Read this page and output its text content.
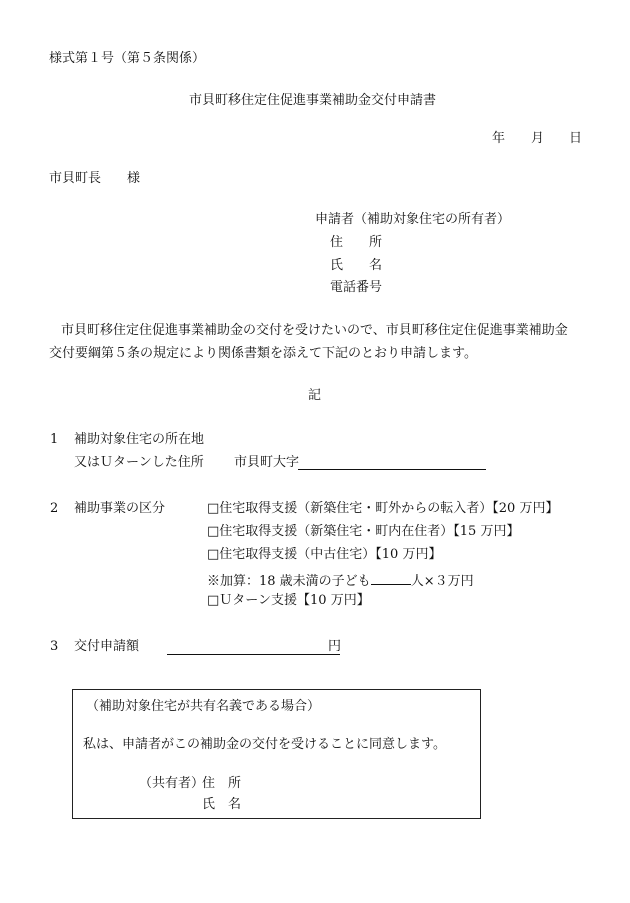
様式第１号（第５条関係）
市貝町移住定住促進事業補助金交付申請書
年 月 日
市貝町長　　様
申請者（補助対象住宅の所有者）
住　　所
氏　　名
電話番号
市貝町移住定住促進事業補助金の交付を受けたいので、市貝町移住定住促進事業補助金
交付要綱第５条の規定により関係書類を添えて下記のとおり申請します。
記
1 補助対象住宅の所在地
又はＵターンした住所 市貝町大字
2 補助事業の区分	□住宅取得支援（新築住宅・町外からの転入者）【20 万円】
□住宅取得支援（新築住宅・町内在住者）【15 万円】
□住宅取得支援（中古住宅）【10 万円】
※加算：18 歳未満の子ども	人×３万円
□Ｕターン支援【10 万円】
3 交付申請額	円
（補助対象住宅が共有名義である場合）
私は、申請者がこの補助金の交付を受けることに同意します。
（共有者）
住　所
氏　名
